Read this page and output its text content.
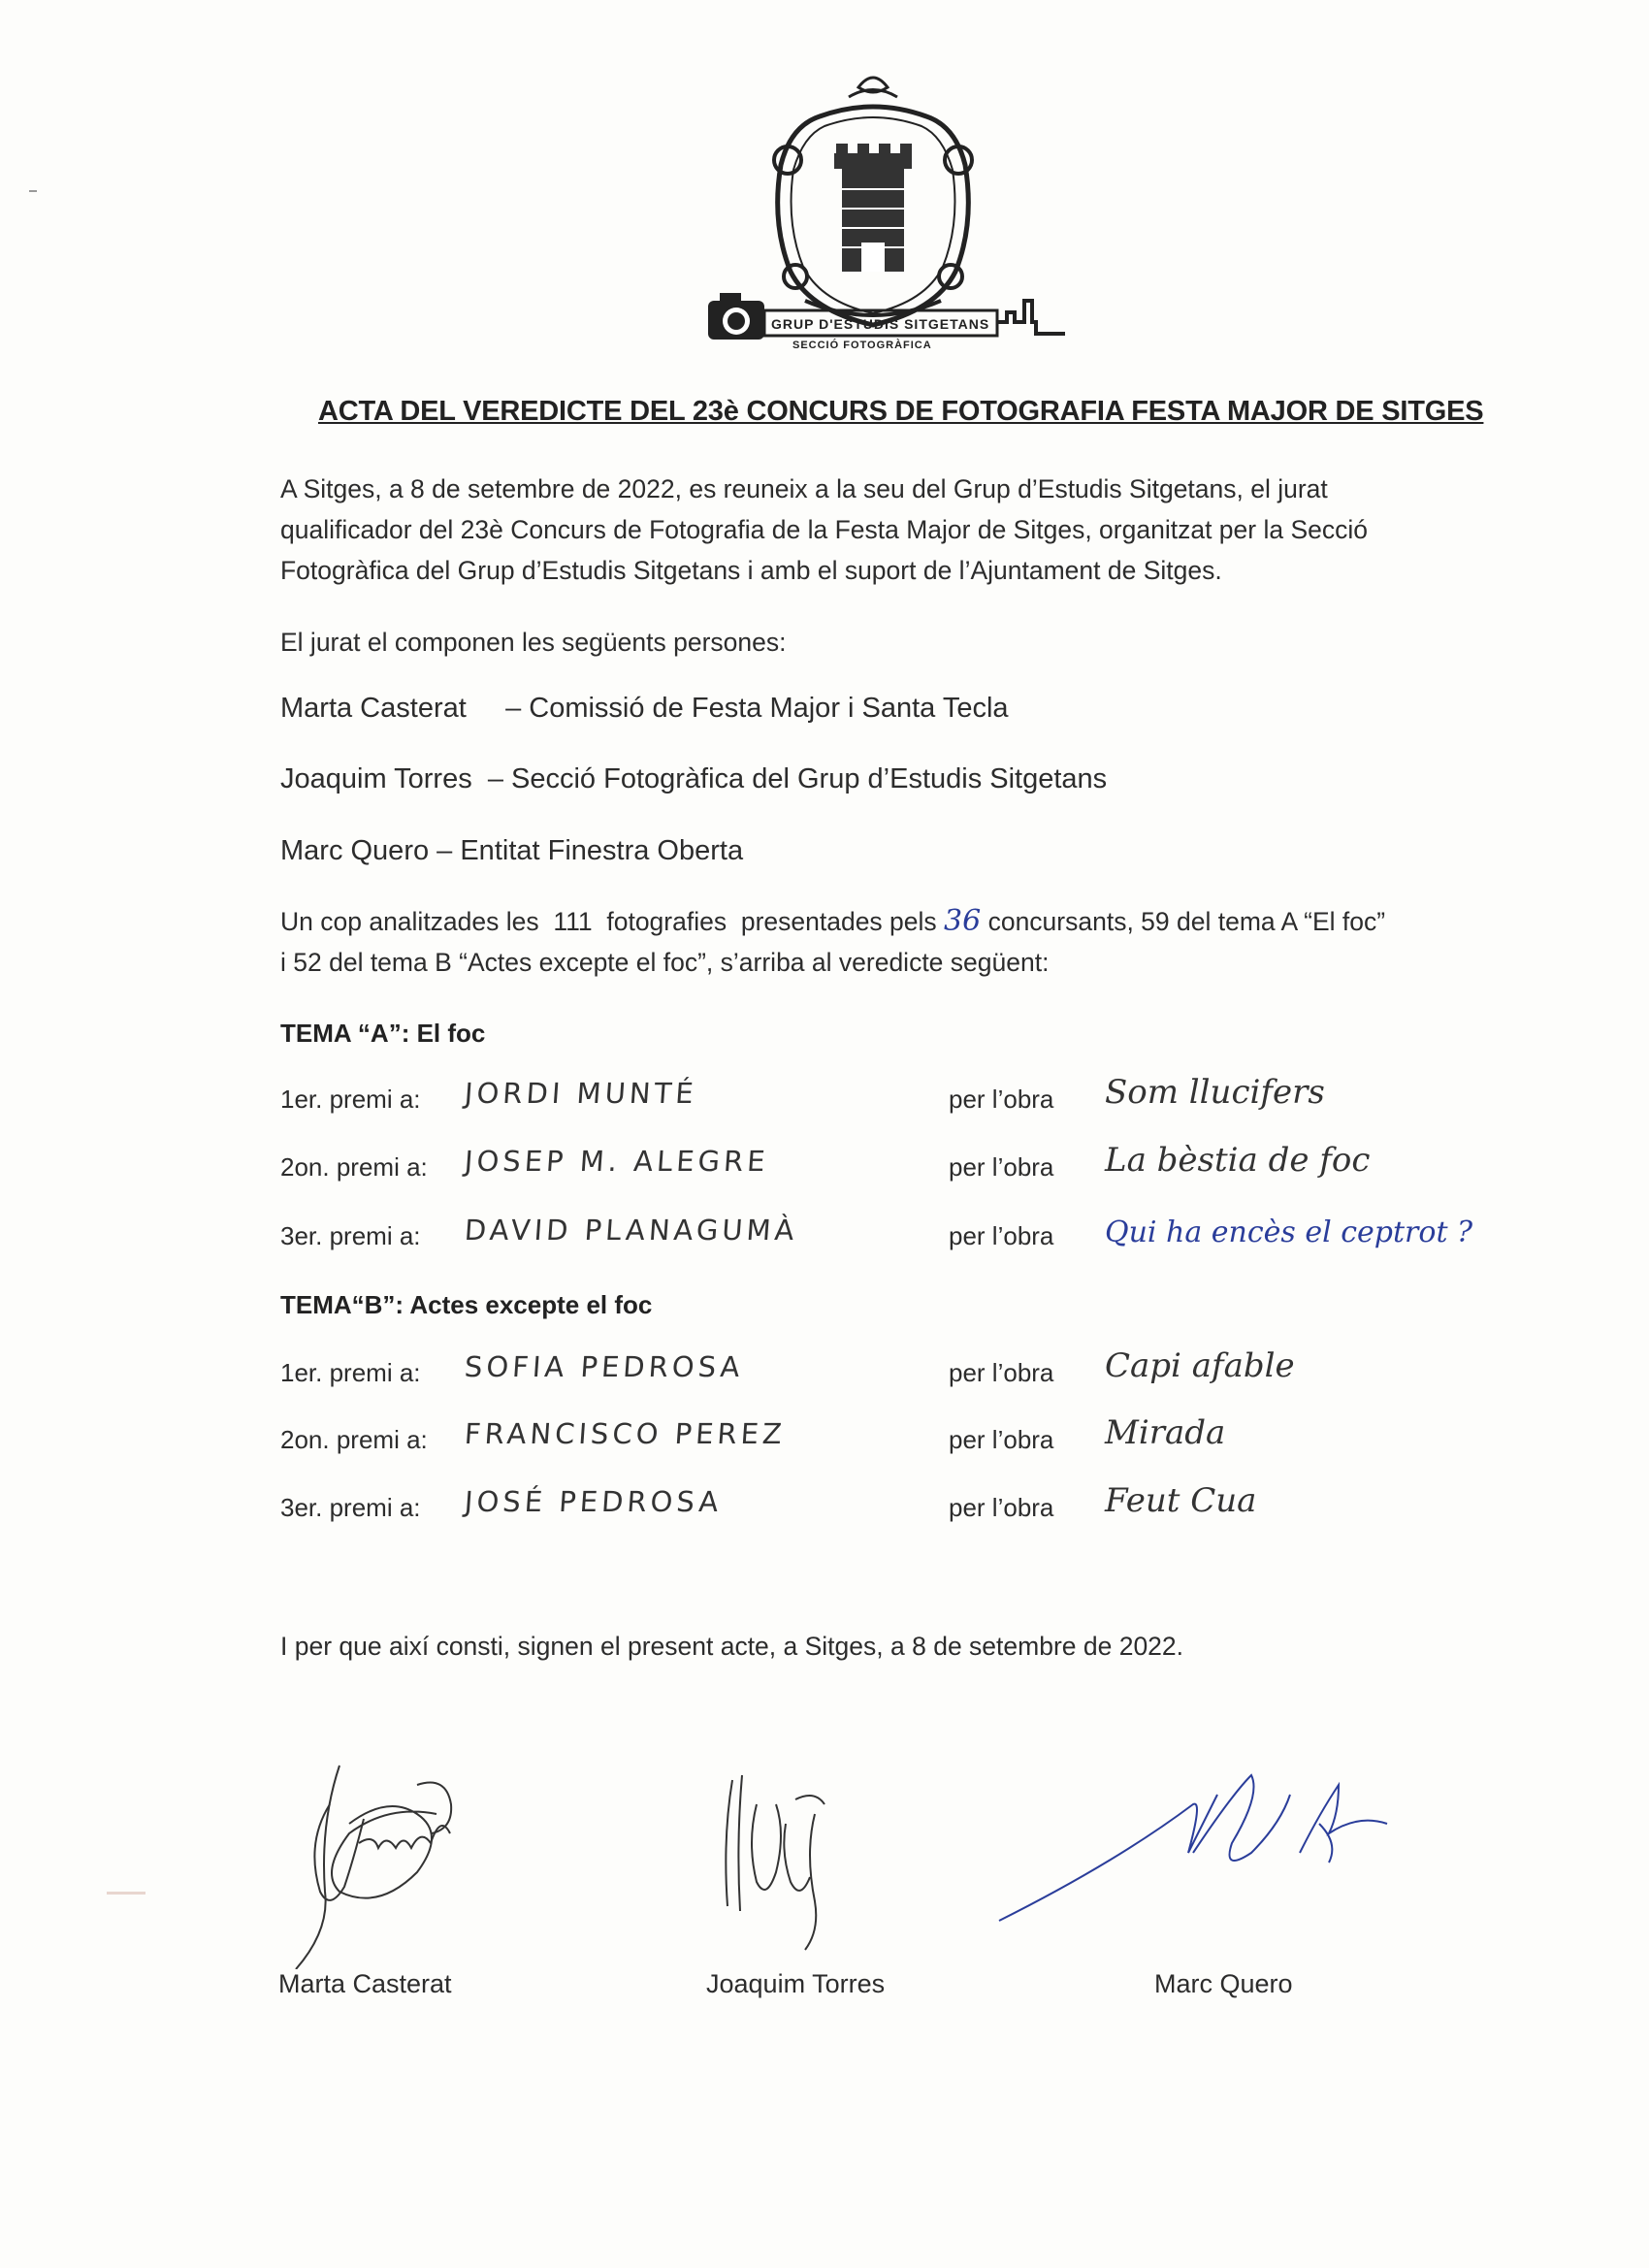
GRUP D'ESTUDIS SITGETANS
SECCIÓ FOTOGRÀFICA
ACTA DEL VEREDICTE DEL 23è CONCURS DE FOTOGRAFIA FESTA MAJOR DE SITGES
A Sitges, a 8 de setembre de 2022, es reuneix a la seu del Grup d’Estudis Sitgetans, el jurat
qualificador del 23è Concurs de Fotografia de la Festa Major de Sitges, organitzat per la Secció
Fotogràfica del Grup d’Estudis Sitgetans i amb el suport de l’Ajuntament de Sitges.
El jurat el componen les següents persones:
Marta Casterat     – Comissió de Festa Major i Santa Tecla
Joaquim Torres  – Secció Fotogràfica del Grup d’Estudis Sitgetans
Marc Quero – Entitat Finestra Oberta
Un cop analitzades les  111  fotografies  presentades pels 36 concursants, 59 del tema A “El foc”
i 52 del tema B “Actes excepte el foc”, s’arriba al veredicte següent:
TEMA “A”: El foc
1er. premi a: JORDI MUNTÉ	per l’obra Som llucifers
2on. premi a: JOSEP M. ALEGRE	per l’obra La bèstia de foc
3er. premi a: DAVID PLANAGUMÀ	per l’obra Qui ha encès el ceptrot ?
TEMA“B”: Actes excepte el foc
1er. premi a: SOFIA PEDROSA	per l’obra Capi afable
2on. premi a: FRANCISCO PEREZ	per l’obra Mirada
3er. premi a: JOSÉ PEDROSA	per l’obra Feut Cua
I per que així consti, signen el present acte, a Sitges, a 8 de setembre de 2022.
Marta Casterat	Joaquim Torres	Marc Quero
